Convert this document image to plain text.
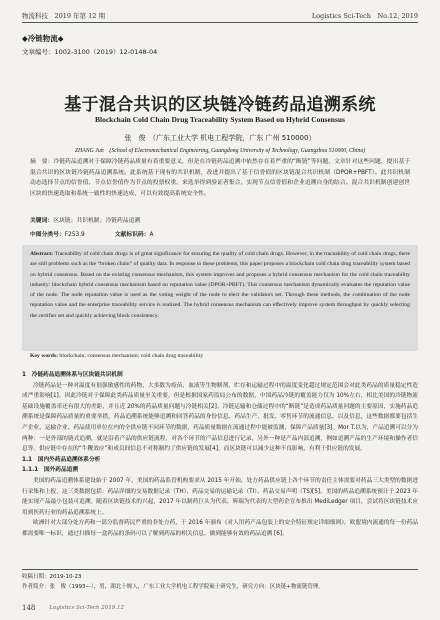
物流科技　2019 年第 12 期	Logistics Sci-Tech　No.12, 2019
◆冷链物流◆
文章编号：1002-3100（2019）12-0148-04
基于混合共识的区块链冷链药品追溯系统
Blockchain Cold Chain Drug Traceability System Based on Hybrid Consensus
张　俊　（广东工业大学 机电工程学院，广东 广州 510000）
ZHANG Jun　(School of Electromechanical Engineering, Guangdong University of Technology, Guangzhou 510000, China)
摘　要：冷链药品追溯对于保障冷链药品质量有着重要意义，但是在冷链药品追溯中依然存在着严重的“断链”等问题，文章针对这些问题，提出基于混合共识的区块链冷链药品追溯系统。此系统基于现有的共识机制，改进并提出了基于信誉值的区块链混合共识机制（DPOR+PBFT）。此共识机制动态选择节点的信誉值，节点信誉值作为节点的投票权重，来选举得到验证者集合，实现节点信誉值和企业追溯自身的结合。混合共识机制创建创世区块的快速选取和系统一致性的快速达成，可以有效提高系统安全性。
关键词：区块链；共识机制；冷链药品追溯
中图分类号：F253.9	文献标识码：A
Abstract: Traceability of cold chain drugs is of great significance for ensuring the quality of cold chain drugs. However, in the traceability of cold chain drugs, there are still problems such as the “broken chain” of quality data. In response to these problems, this paper proposes a blockchain cold chain drug traceability system based on hybrid consensus. Based on the existing consensus mechanism, this system improves and proposes a hybrid consensus mechanism for the cold chain traceability industry: blockchain hybrid consensus mechanism based on reputation value (DPOR+PBFT). This consensus mechanism dynamically evaluates the reputation value of the node. The node reputation value is used as the voting weight of the node to elect the validators set. Through these methods, the combination of the node reputation value and the enterprise traceability service is realized. The hybrid consensus mechanism can effectively improve system throughput by quickly selecting the certifier set and quickly achieving block consistency.
Key words: blockchain; consensus mechanism; cold chain drug traceability
1　冷链药品追溯体系与区块链共识机制

冷链药品是一种对温度有很强敏感性的药物，大多数为疫苗、血液等生物制剂，贮存和运输过程中的温度变化超过规定范围会对此类药品的质量稳定性造成严重影响[1]。因此冷链对于保障此类药品质量至关重要，但是根据国家药监局公布的数据，中国药品冷链的覆盖能力仅为 10%左右，相比美国的冷链物流基础设施覆盖率还有很大的差距，并且近 20%的药品质量问题与冷链相关[2]。冷链运输和仓储过程中的“断链”是造成药品质量问题的主要原因，实施药品追溯系统是保障药品质量的重要举措，药品追溯系统能够追溯和回答药品的身份信息、药品生产、批发、零售环节的流通信息，以及信息，这些数据都要包括生产企业、运输企业、药品使用单位在内的全供应链不同环节的数据，药品质量数据在流通过程中能被监测，保障产品质量[3]。Mor T.以为，产品追溯可以分为两种：一是外部的链式追溯，就是沿着产品的供应链流程，对各个环节的产品信息进行记录，另外一种是产品内部追溯，例如追溯产品的生产环境和操作者信息等。供应链中存在的“牛鞭效应”和成员间信息不对称制约了供应链的发展[4]，而区块链可以减少这种不良影响，有利于供应链的发展。

1.1　国内外药品追溯体系分析
1.1.1　国外药品追溯

美国的药品追溯体系建设始于 2007 年，美国的药品监管机构要求从 2015 年开始，处方药品供应链上各个环节的责任主体需要对药品三大类型的数据进行采集和上报，这三类数据包括：药品详细的交易数据记录（TH）、药品交易的运输记录（TI）、药品交易声明（TS)[5]。美国的药品追溯系统预计于 2023 年能实现产品最小包装可追溯。随着区块链技术的兴起，2017 年以制药巨头为代表，辉瑞为代表的大型药企宣布推出 MediLedger 项目，尝试将区块链技术应用到医药行业的药品追溯系统上。

欧洲针对大部分处方药和一部分监督药民严重的非处方药，于 2016 年颁布《对人用药产品包装上的安全特征规定详细细则》，欧盟境内流通的每一份药品都需要唯一标识，通过扫描每一盒药品的条码可以了解到药品的相关信息，做到能够有效的药品追溯 [6]。

收稿日期：2019-10-23
作者简介：张　俊（1993—），男，湖北十堰人，广东工业大学机电工程学院硕士研究生，研究方向：区块链+物流链管理。
148	Logistics Sci-Tech 2019.12
